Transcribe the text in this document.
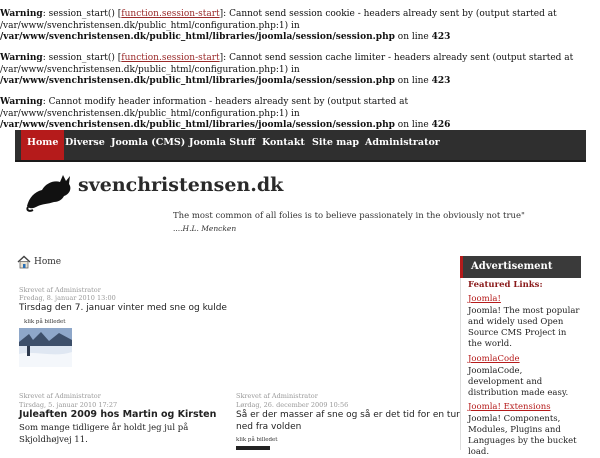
Warning: session_start() [function.session-start]: Cannot send session cookie - headers already sent by (output started at /var/www/svenchristensen.dk/public_html/configuration.php:1) in
/var/www/svenchristensen.dk/public_html/libraries/joomla/session/session.php on line 423
Warning: session_start() [function.session-start]: Cannot send session cache limiter - headers already sent (output started at /var/www/svenchristensen.dk/public_html/configuration.php:1) in
/var/www/svenchristensen.dk/public_html/libraries/joomla/session/session.php on line 423
Warning: Cannot modify header information - headers already sent by (output started at /var/www/svenchristensen.dk/public_html/configuration.php:1) in
/var/www/svenchristensen.dk/public_html/libraries/joomla/session/session.php on line 426
Home Diverse Joomla (CMS) Joomla Stuff Kontakt Site map Administrator
svenchristensen.dk
The most common of all folies is to believe passionately in the obviously not true"
....H.L. Mencken
Home
Skrevet af Administrator
Fredag, 8. januar 2010 13:00
Tirsdag den 7. januar vinter med sne og kulde
klik på billedet
Skrevet af Administrator
Tirsdag, 5. januar 2010 17:27
Juleaften 2009 hos Martin og Kirsten
Som mange tidligere år holdt jeg jul på
Skjoldhøjvej 11.
Skrevet af Administrator
Lørdag, 26. december 2009 10:56
Så er der masser af sne og så er det tid for en tur
ned fra volden
klik på billedet
Advertisement
Featured Links:
Joomla!
Joomla! The most popular and widely used Open Source CMS Project in the world.
JoomlaCode
JoomlaCode, development and distribution made easy.
Joomla! Extensions
Joomla! Components, Modules, Plugins and Languages by the bucket load.
